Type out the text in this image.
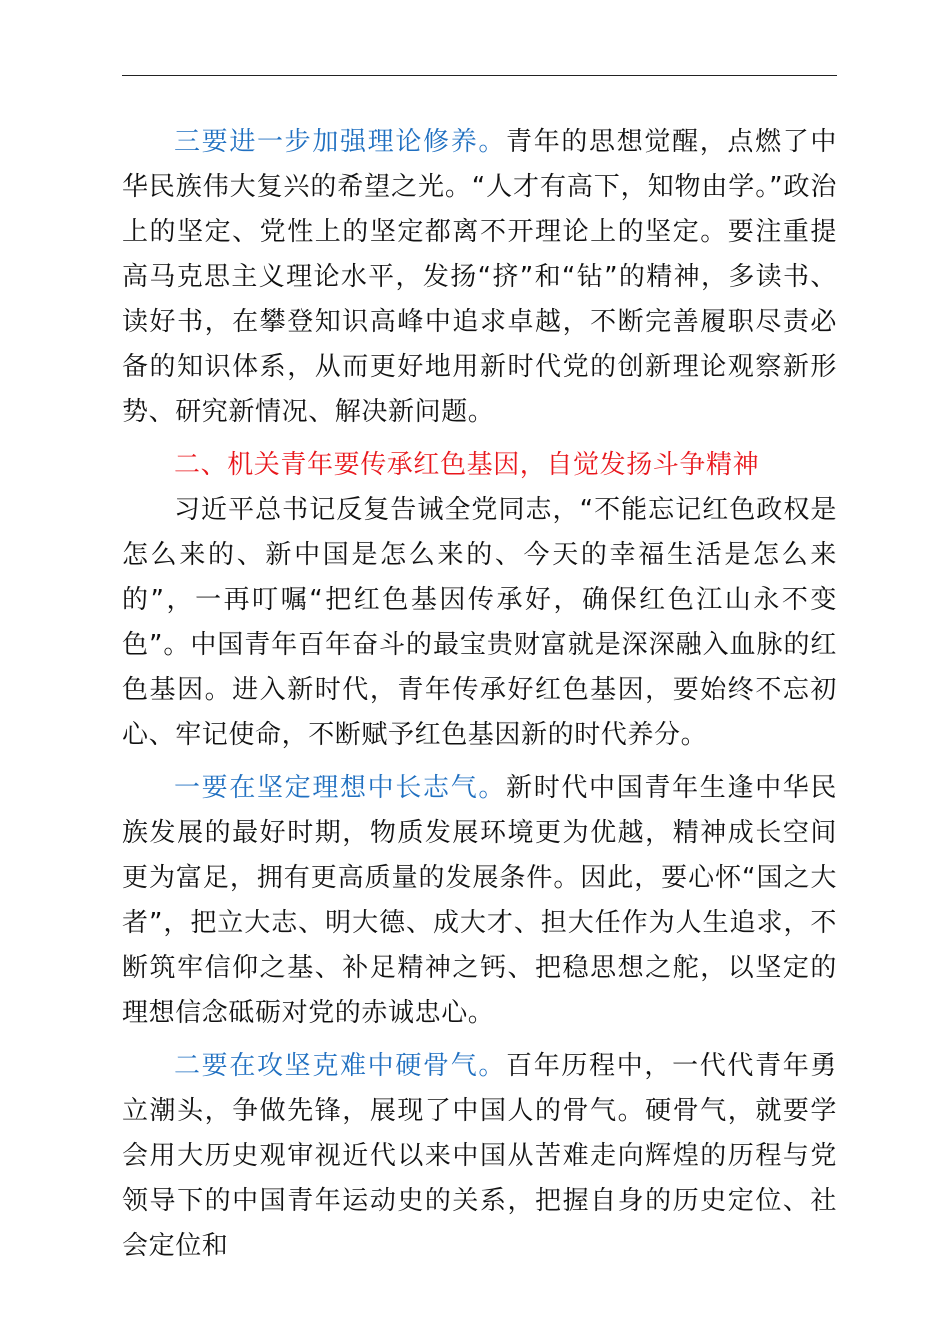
三要进一步加强理论修养。青年的思想觉醒，点燃了中华民族伟大复兴的希望之光。“人才有高下，知物由学。”政治上的坚定、党性上的坚定都离不开理论上的坚定。要注重提高马克思主义理论水平，发扬“挤”和“钻”的精神，多读书、读好书，在攀登知识高峰中追求卓越，不断完善履职尽责必备的知识体系，从而更好地用新时代党的创新理论观察新形势、研究新情况、解决新问题。

二、机关青年要传承红色基因，自觉发扬斗争精神

习近平总书记反复告诫全党同志，“不能忘记红色政权是怎么来的、新中国是怎么来的、今天的幸福生活是怎么来的”，一再叮嘱“把红色基因传承好，确保红色江山永不变色”。中国青年百年奋斗的最宝贵财富就是深深融入血脉的红色基因。进入新时代，青年传承好红色基因，要始终不忘初心、牢记使命，不断赋予红色基因新的时代养分。

一要在坚定理想中长志气。新时代中国青年生逢中华民族发展的最好时期，物质发展环境更为优越，精神成长空间更为富足，拥有更高质量的发展条件。因此，要心怀“国之大者”，把立大志、明大德、成大才、担大任作为人生追求，不断筑牢信仰之基、补足精神之钙、把稳思想之舵，以坚定的理想信念砥砺对党的赤诚忠心。

二要在攻坚克难中硬骨气。百年历程中，一代代青年勇立潮头，争做先锋，展现了中国人的骨气。硬骨气，就要学会用大历史观审视近代以来中国从苦难走向辉煌的历程与党领导下的中国青年运动史的关系，把握自身的历史定位、社会定位和
